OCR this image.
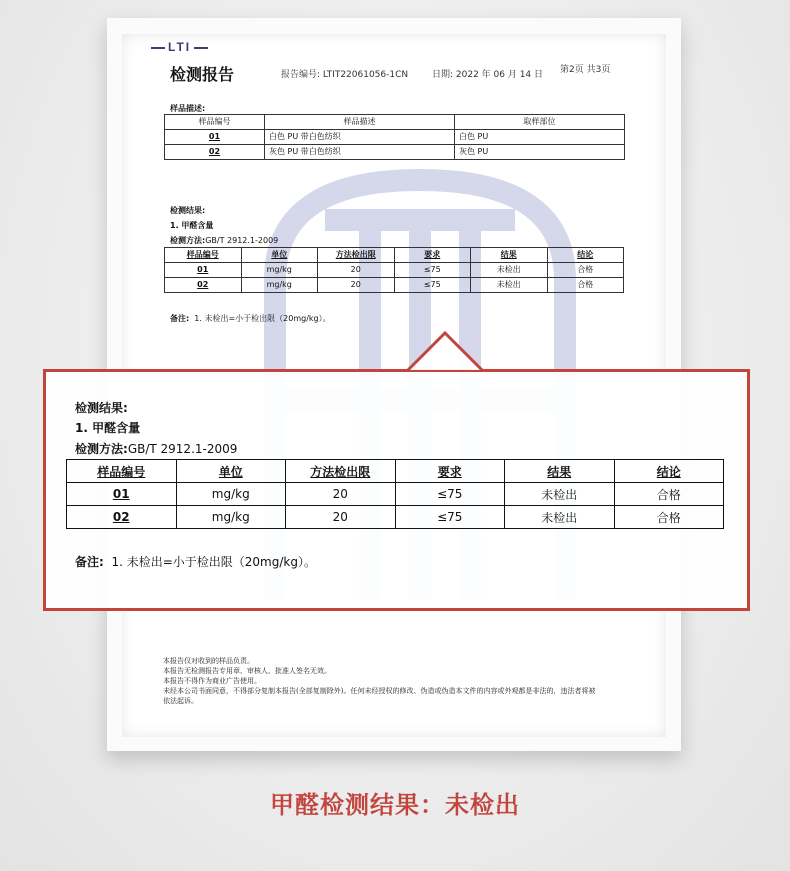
LTI
检测报告	报告编号: LTIT22061056-1CN	日期: 2022 年 06 月 14 日 第2页 共3页
样品描述:
样品编号	样品描述	取样部位
01	白色 PU 带白色纺织	白色 PU
02	灰色 PU 带白色纺织	灰色 PU
检测结果:
1. 甲醛含量
检测方法:GB/T 2912.1-2009
样品编号	单位	方法检出限	要求	结果	结论
01	mg/kg	20	≤75	未检出	合格
02	mg/kg	20	≤75	未检出	合格
备注: 1. 未检出=小于检出限（20mg/kg）。
本报告仅对收到的样品负责。
本报告无检测报告专用章、审核人、批准人签名无效。
本报告不得作为商业广告使用。
未经本公司书面同意，不得部分复制本报告(全部复制除外)。任何未经授权的修改、伪造或伪造本文件的内容或外观都是非法的，违法者将被
依法起诉。
检测结果:
1. 甲醛含量
检测方法:GB/T 2912.1-2009
样品编号	单位	方法检出限	要求	结果	结论
01	mg/kg	20	≤75	未检出	合格
02	mg/kg	20	≤75	未检出	合格
备注: 1. 未检出=小于检出限（20mg/kg）。
甲醛检测结果：未检出
